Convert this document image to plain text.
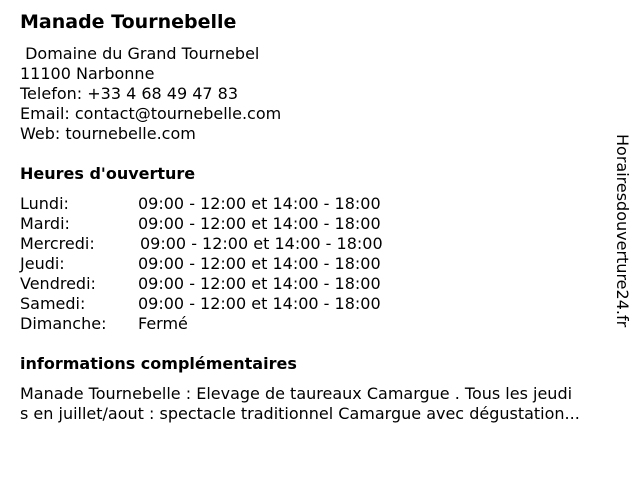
Manade Tournebelle
Domaine du Grand Tournebel
11100 Narbonne
Telefon: +33 4 68 49 47 83
Email: contact@tournebelle.com
Web: tournebelle.com
Heures d'ouverture
Lundi:	09:00 - 12:00 et 14:00 - 18:00
Mardi:	09:00 - 12:00 et 14:00 - 18:00
Mercredi:	09:00 - 12:00 et 14:00 - 18:00
Jeudi:	09:00 - 12:00 et 14:00 - 18:00
Vendredi:	09:00 - 12:00 et 14:00 - 18:00
Samedi:	09:00 - 12:00 et 14:00 - 18:00
Dimanche: Fermé
informations complémentaires
Manade Tournebelle : Elevage de taureaux Camargue . Tous les jeudi
s en juillet/aout : spectacle traditionnel Camargue avec dégustation...
Horairesdouverture24.fr
